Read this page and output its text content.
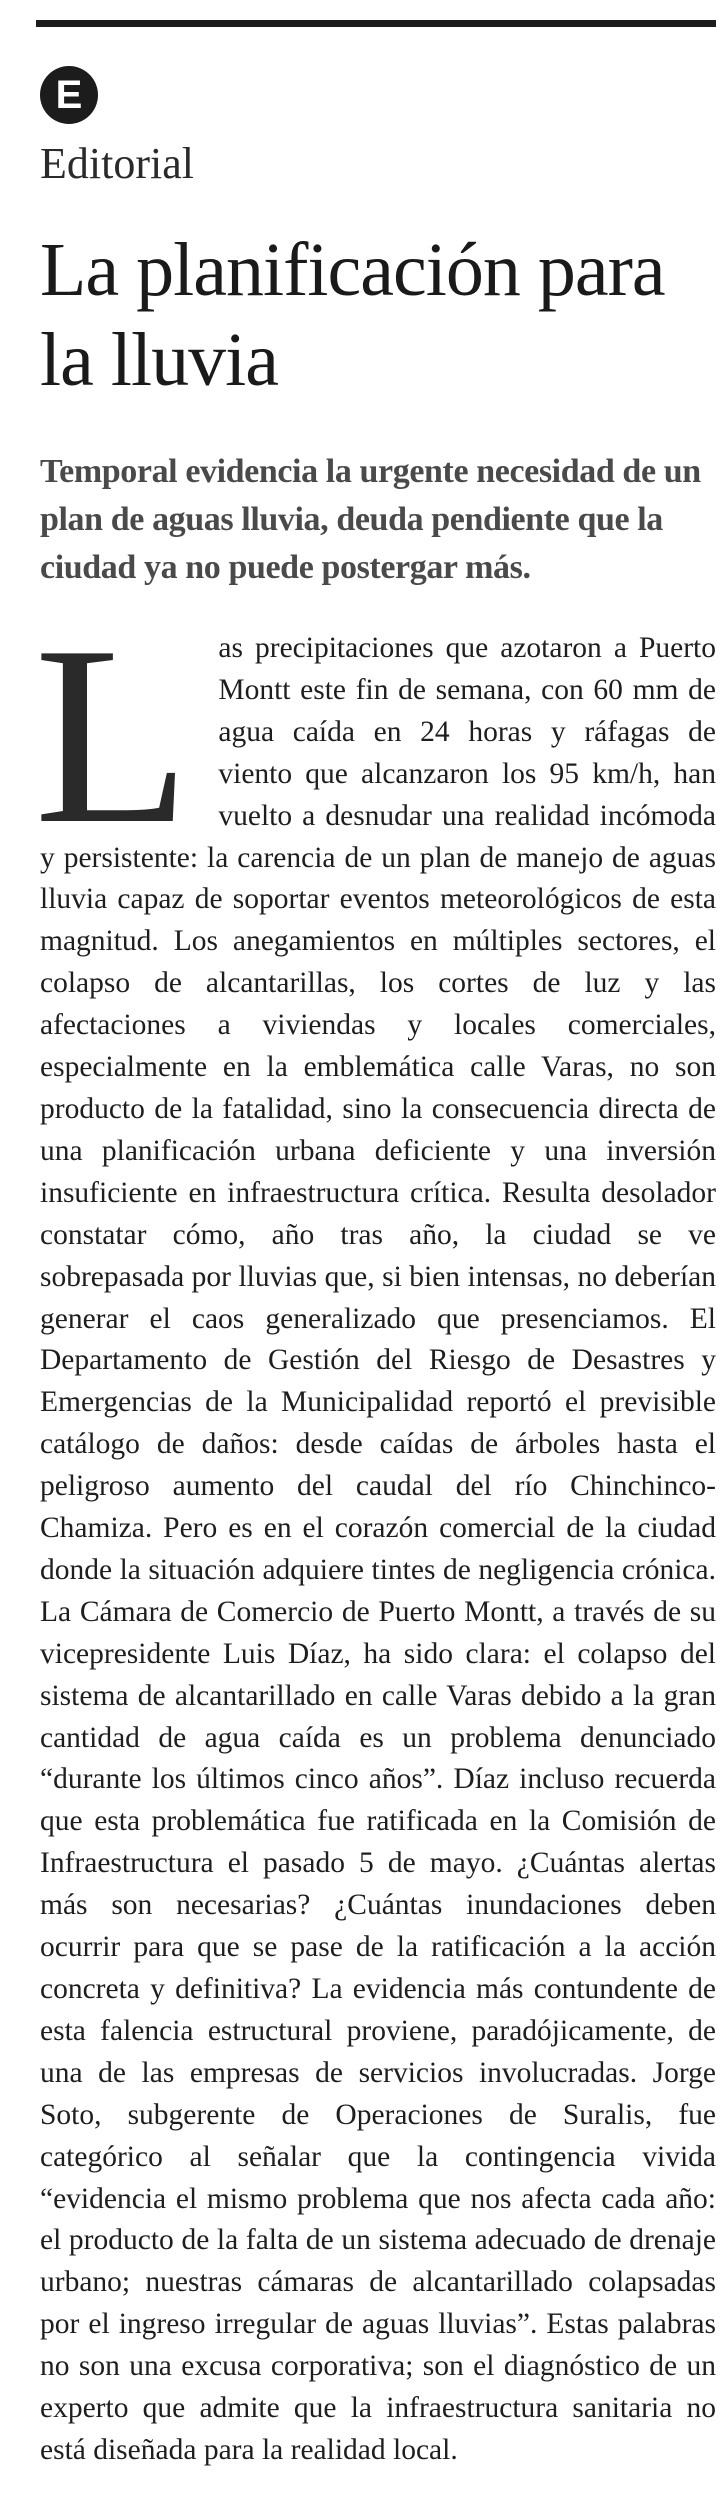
E
Editorial
La planificación para la lluvia

Temporal evidencia la urgente necesidad de un plan de aguas lluvia, deuda pendiente que la ciudad ya no puede postergar más.

L as precipitaciones que azotaron a Puerto Montt este fin de semana, con 60 mm de agua caída en 24 horas y ráfagas de viento que alcanzaron los 95 km/h, han vuelto a desnudar una realidad incómoda y persistente: la carencia de un plan de manejo de aguas lluvia capaz de soportar eventos meteorológicos de esta magnitud. Los anegamientos en múltiples sectores, el colapso de alcantarillas, los cortes de luz y las afectaciones a viviendas y locales comerciales, especialmente en la emblemática calle Varas, no son producto de la fatalidad, sino la consecuencia directa de una planificación urbana deficiente y una inversión insuficiente en infraestructura crítica. Resulta desolador constatar cómo, año tras año, la ciudad se ve sobrepasada por lluvias que, si bien intensas, no deberían generar el caos generalizado que presenciamos. El Departamento de Gestión del Riesgo de Desastres y Emergencias de la Municipalidad reportó el previsible catálogo de daños: desde caídas de árboles hasta el peligroso aumento del caudal del río Chinchinco-Chamiza. Pero es en el corazón comercial de la ciudad donde la situación adquiere tintes de negligencia crónica. La Cámara de Comercio de Puerto Montt, a través de su vicepresidente Luis Díaz, ha sido clara: el colapso del sistema de alcantarillado en calle Varas debido a la gran cantidad de agua caída es un problema denunciado “durante los últimos cinco años”. Díaz incluso recuerda que esta problemática fue ratificada en la Comisión de Infraestructura el pasado 5 de mayo. ¿Cuántas alertas más son necesarias? ¿Cuántas inundaciones deben ocurrir para que se pase de la ratificación a la acción concreta y definitiva? La evidencia más contundente de esta falencia estructural proviene, paradójicamente, de una de las empresas de servicios involucradas. Jorge Soto, subgerente de Operaciones de Suralis, fue categórico al señalar que la contingencia vivida “evidencia el mismo problema que nos afecta cada año: el producto de la falta de un sistema adecuado de drenaje urbano; nuestras cámaras de alcantarillado colapsadas por el ingreso irregular de aguas lluvias”. Estas palabras no son una excusa corporativa; son el diagnóstico de un experto que admite que la infraestructura sanitaria no está diseñada para la realidad local.
